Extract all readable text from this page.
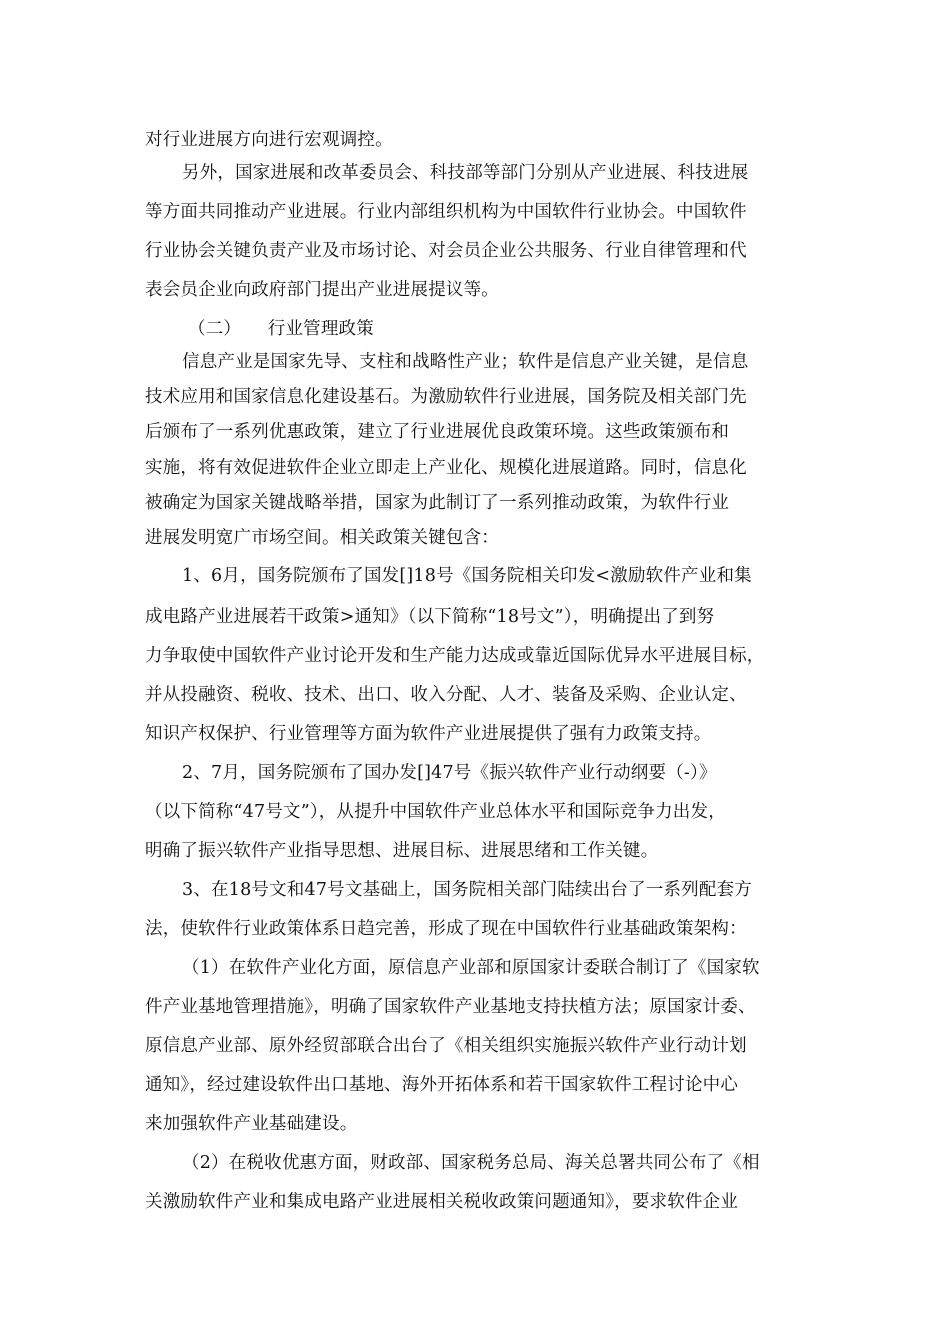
对行业进展方向进行宏观调控。
另外，国家进展和改革委员会、科技部等部门分别从产业进展、科技进展
等方面共同推动产业进展。行业内部组织机构为中国软件行业协会。中国软件
行业协会关键负责产业及市场讨论、对会员企业公共服务、行业自律管理和代
表会员企业向政府部门提出产业进展提议等。
（二）　　行业管理政策
信息产业是国家先导、支柱和战略性产业；软件是信息产业关键，是信息
技术应用和国家信息化建设基石。为激励软件行业进展，国务院及相关部门先
后颁布了一系列优惠政策，建立了行业进展优良政策环境。这些政策颁布和
实施，将有效促进软件企业立即走上产业化、规模化进展道路。同时，信息化
被确定为国家关键战略举措，国家为此制订了一系列推动政策，为软件行业
进展发明宽广市场空间。相关政策关键包含：
1、6月，国务院颁布了国发[]18号《国务院相关印发<激励软件产业和集
成电路产业进展若干政策>通知》（以下简称“18号文”），明确提出了到努
力争取使中国软件产业讨论开发和生产能力达成或靠近国际优异水平进展目标，
并从投融资、税收、技术、出口、收入分配、人才、装备及采购、企业认定、
知识产权保护、行业管理等方面为软件产业进展提供了强有力政策支持。
2、7月，国务院颁布了国办发[]47号《振兴软件产业行动纲要（-）》
（以下简称“47号文”），从提升中国软件产业总体水平和国际竞争力出发，
明确了振兴软件产业指导思想、进展目标、进展思绪和工作关键。
3、在18号文和47号文基础上，国务院相关部门陆续出台了一系列配套方
法，使软件行业政策体系日趋完善，形成了现在中国软件行业基础政策架构：
（1）在软件产业化方面，原信息产业部和原国家计委联合制订了《国家软
件产业基地管理措施》，明确了国家软件产业基地支持扶植方法；原国家计委、
原信息产业部、原外经贸部联合出台了《相关组织实施振兴软件产业行动计划
通知》，经过建设软件出口基地、海外开拓体系和若干国家软件工程讨论中心
来加强软件产业基础建设。
（2）在税收优惠方面，财政部、国家税务总局、海关总署共同公布了《相
关激励软件产业和集成电路产业进展相关税收政策问题通知》，要求软件企业
